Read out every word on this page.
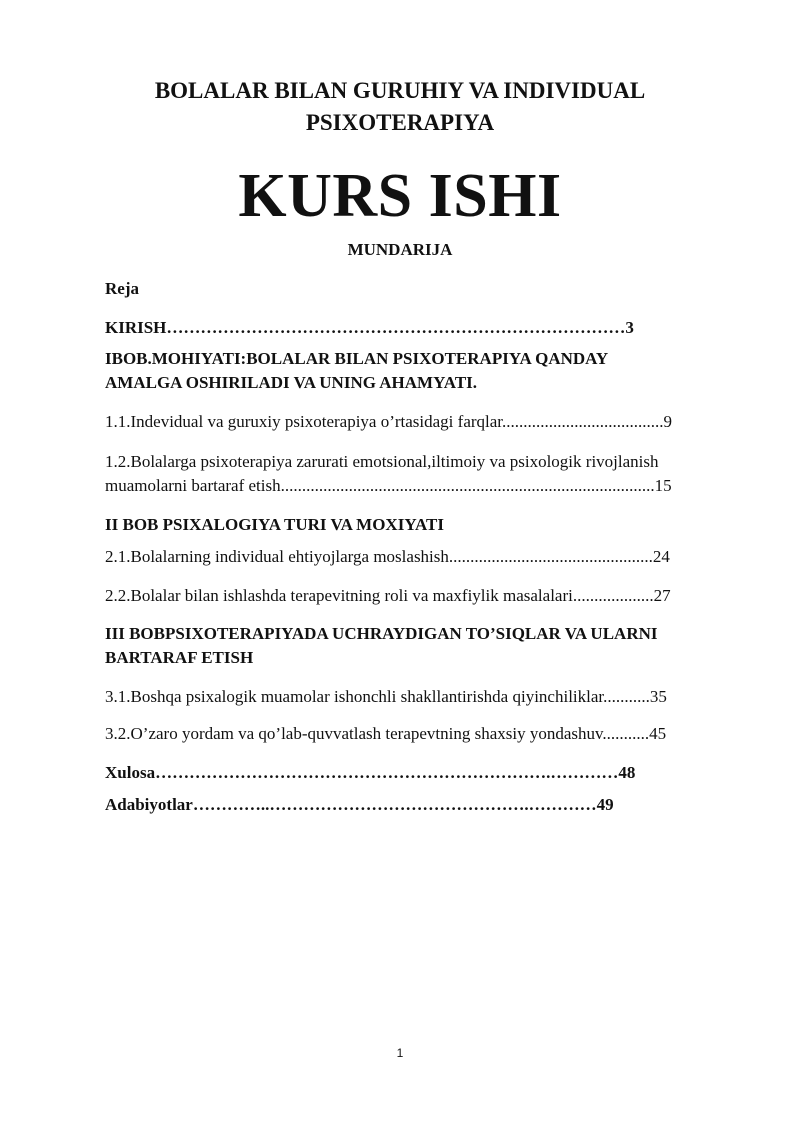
BOLALAR BILAN GURUHIY VA INDIVIDUAL
PSIXOTERAPIYA
KURS ISHI
MUNDARIJA
Reja
KIRISH………………………………………………………………………3
IBOB.MOHIYATI:BOLALAR BILAN PSIXOTERAPIYA QANDAY
AMALGA OSHIRILADI VA UNING AHAMYATI.
1.1.Indevidual va guruxiy psixoterapiya o’rtasidagi farqlar......................................9
1.2.Bolalarga psixoterapiya zarurati emotsional,iltimoiy va psixologik rivojlanish
muamolarni bartaraf etish........................................................................................15
II BOB PSIXALOGIYA TURI VA MOXIYATI
2.1.Bolalarning individual ehtiyojlarga moslashish................................................24
2.2.Bolalar bilan ishlashda terapevitning roli va maxfiylik masalalari...................27
III BOBPSIXOTERAPIYADA UCHRAYDIGAN TO’SIQLAR VA ULARNI
BARTARAF ETISH
3.1.Boshqa psixalogik muamolar ishonchli shakllantirishda qiyinchiliklar...........35
3.2.O’zaro yordam va qo’lab-quvvatlash terapevtning shaxsiy yondashuv...........45
Xulosa…………………………………………………………….…………48
Adabiyotlar…………..……………………………………….…………49
1
